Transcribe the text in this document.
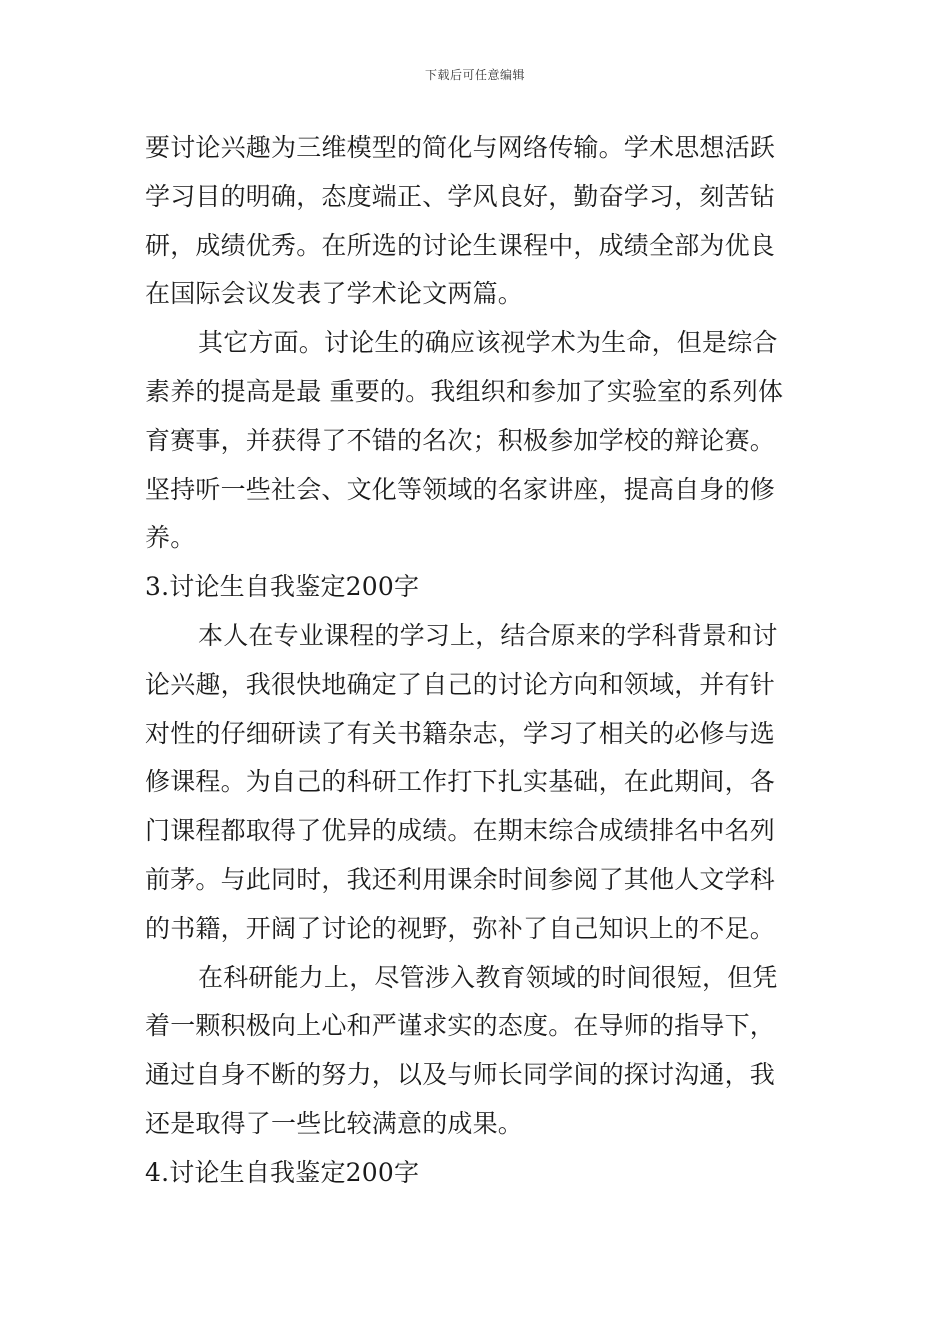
下载后可任意编辑
要讨论兴趣为三维模型的简化与网络传输。学术思想活跃
学习目的明确，态度端正、学风良好，勤奋学习，刻苦钻
研，成绩优秀。在所选的讨论生课程中，成绩全部为优良
在国际会议发表了学术论文两篇。
其它方面。讨论生的确应该视学术为生命，但是综合
素养的提高是最 重要的。我组织和参加了实验室的系列体
育赛事，并获得了不错的名次；积极参加学校的辩论赛。
坚持听一些社会、文化等领域的名家讲座，提高自身的修
养。
3.讨论生自我鉴定200字
本人在专业课程的学习上，结合原来的学科背景和讨
论兴趣，我很快地确定了自己的讨论方向和领域，并有针
对性的仔细研读了有关书籍杂志，学习了相关的必修与选
修课程。为自己的科研工作打下扎实基础，在此期间，各
门课程都取得了优异的成绩。在期末综合成绩排名中名列
前茅。与此同时，我还利用课余时间参阅了其他人文学科
的书籍，开阔了讨论的视野，弥补了自己知识上的不足。
在科研能力上，尽管涉入教育领域的时间很短，但凭
着一颗积极向上心和严谨求实的态度。在导师的指导下，
通过自身不断的努力，以及与师长同学间的探讨沟通，我
还是取得了一些比较满意的成果。
4.讨论生自我鉴定200字
